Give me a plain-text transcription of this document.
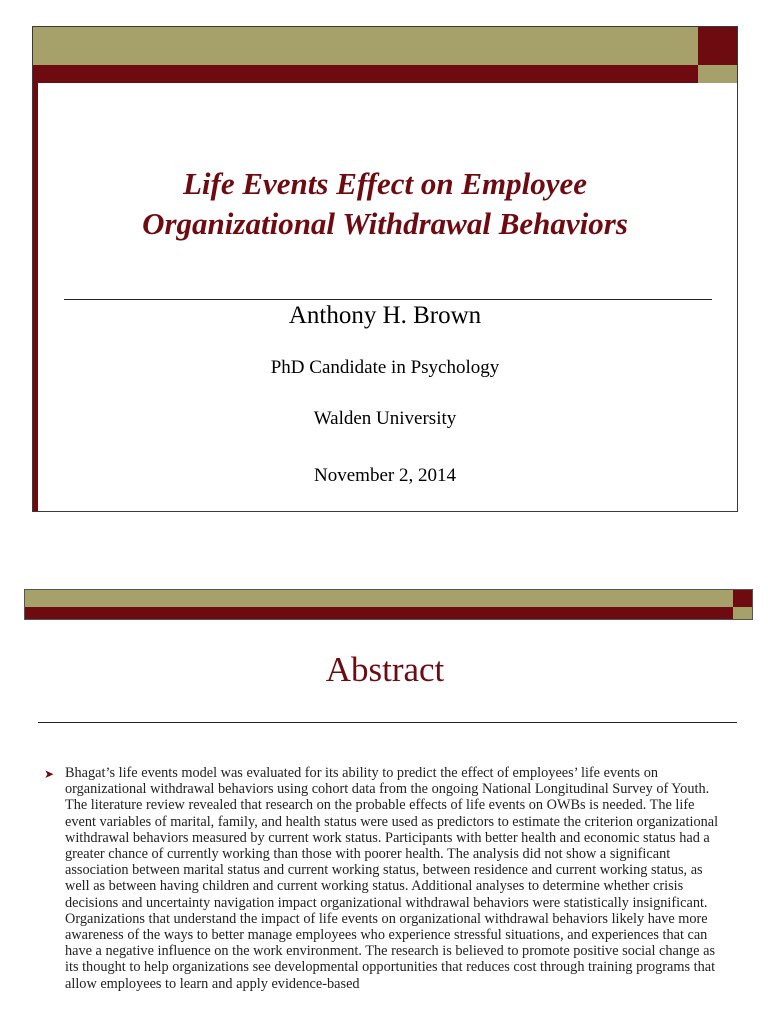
Life Events Effect on Employee
Organizational Withdrawal Behaviors
Anthony H. Brown
PhD Candidate in Psychology
Walden University
November 2, 2014
Abstract
➤ Bhagat’s life events model was evaluated for its ability to predict the effect of employees’ life events on organizational withdrawal behaviors using cohort data from the ongoing National Longitudinal Survey of Youth. The literature review revealed that research on the probable effects of life events on OWBs is needed. The life event variables of marital, family, and health status were used as predictors to estimate the criterion organizational withdrawal behaviors measured by current work status. Participants with better health and economic status had a greater chance of currently working than those with poorer health. The analysis did not show a significant association between marital status and current working status, between residence and current working status, as well as between having children and current working status. Additional analyses to determine whether crisis decisions and uncertainty navigation impact organizational withdrawal behaviors were statistically insignificant. Organizations that understand the impact of life events on organizational withdrawal behaviors likely have more awareness of the ways to better manage employees who experience stressful situations, and experiences that can have a negative influence on the work environment. The research is believed to promote positive social change as its thought to help organizations see developmental opportunities that reduces cost through training programs that allow employees to learn and apply evidence-based
